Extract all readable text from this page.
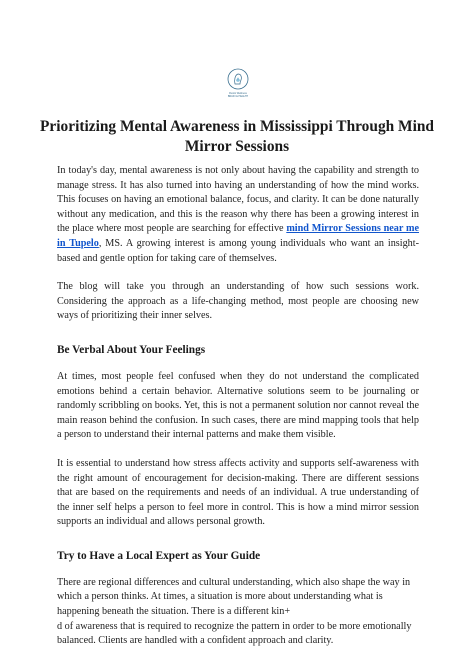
Rustic Wellness
BRAIN & HEALTH
Prioritizing Mental Awareness in Mississippi Through Mind Mirror Sessions

In today's day, mental awareness is not only about having the capability and strength to manage stress. It has also turned into having an understanding of how the mind works. This focuses on having an emotional balance, focus, and clarity. It can be done naturally without any medication, and this is the reason why there has been a growing interest in the place where most people are searching for effective mind Mirror Sessions near me in Tupelo, MS. A growing interest is among young individuals who want an insight-based and gentle option for taking care of themselves.

The blog will take you through an understanding of how such sessions work. Considering the approach as a life-changing method, most people are choosing new ways of prioritizing their inner selves.

Be Verbal About Your Feelings

At times, most people feel confused when they do not understand the complicated emotions behind a certain behavior. Alternative solutions seem to be journaling or randomly scribbling on books. Yet, this is not a permanent solution nor cannot reveal the main reason behind the confusion. In such cases, there are mind mapping tools that help a person to understand their internal patterns and make them visible.

It is essential to understand how stress affects activity and supports self-awareness with the right amount of encouragement for decision-making. There are different sessions that are based on the requirements and needs of an individual. A true understanding of the inner self helps a person to feel more in control. This is how a mind mirror session supports an individual and allows personal growth.

Try to Have a Local Expert as Your Guide

There are regional differences and cultural understanding, which also shape the way in which a person thinks. At times, a situation is more about understanding what is happening beneath the situation. There is a different kin+
d of awareness that is required to recognize the pattern in order to be more emotionally balanced. Clients are handled with a confident approach and clarity.
